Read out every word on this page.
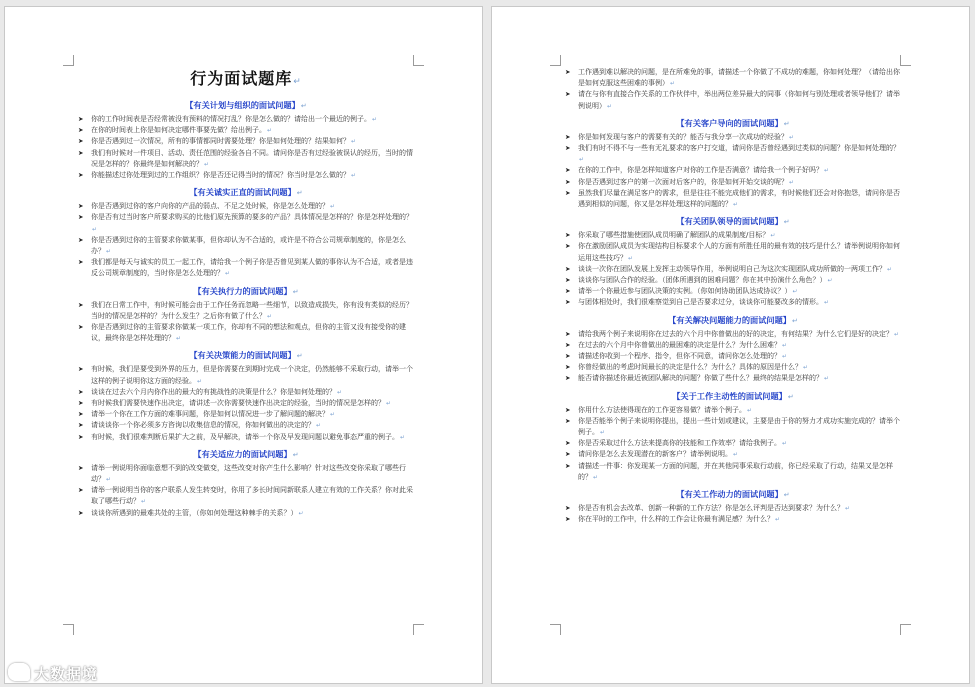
行为面试题库↵
【有关计划与组织的面试问题】↵
➤ 你的工作时间表是否经常被没有预料的情况打乱？你是怎么做的？请给出一个最近的例子。↵
➤ 在你的时间表上你是如何决定哪件事要先做？给出例子。↵
➤ 你是否遇到过一次情况，所有的事情都同时需要处理？你是如何处理的？结果如何？↵
➤ 我们有时候对一件项目、活动、责任范围的经验各自不同。请问你是否有过经验被误认的经历，当时的情况是怎样的？你最终是如何解决的？↵
➤ 你能描述过你处理到过的工作组织？你是否还记得当时的情况？你当时是怎么做的？↵
【有关诚实正直的面试问题】↵
➤ 你是否遇到过你的客户向你的产品的弱点、不足之处时候，你是怎么处理的？↵
➤ 你是否有过当时客户所要求购买的比他们原先预算的要多的产品？具体情况是怎样的？你是怎样处理的？↵
➤ 你是否遇到过你的主管要求你做某事，但你却认为不合适的，或许是不符合公司规章制度的，你是怎么办？↵
➤ 我们都是每天与诚实的员工一起工作，请给我一个例子你是否曾见到某人做的事你认为不合适，或者是违反公司规章制度的，当时你是怎么处理的？↵
【有关执行力的面试问题】↵
➤ 我们在日常工作中，有时候可能会由于工作任务而忽略一些细节，以致造成损失，你有没有类似的经历？当时的情况是怎样的？为什么发生？之后你有做了什么？↵
➤ 你是否遇到过你的主管要求你做某一项工作，你却有不同的想法和观点，但你的主管又没有接受你的建议，最终你是怎样处理的？↵
【有关决策能力的面试问题】↵
➤ 有时候，我们是要受到外界的压力，但是你需要在到期时完成一个决定，仍然能够不采取行动，请举一个这样的例子说明你这方面的经验。↵
➤ 谈谈在过去六个月内你作出的最大的有挑战性的决策是什么？你是如何处理的？↵
➤ 有时候我们需要快速作出决定，请讲述一次你需要快速作出决定的经验，当时的情况是怎样的？↵
➤ 请举一个你在工作方面的难事问题，你是如何以情况进一步了解问题的解决？↵
➤ 请谈谈你一个你必须多方咨询以收集信息的情况，你如何做出的决定的？↵
➤ 有时候，我们很难判断后果扩大之前，及早解决，请举一个你及早发现问题以避免事态严重的例子。↵
【有关适应力的面试问题】↵
➤ 请举一例说明你面临意想不到的改变做变，这些改变对你产生什么影响？针对这些改变你采取了哪些行动？↵
➤ 请举一例说明当你的客户联系人发生转变时，你用了多长时间同新联系人建立有效的工作关系？你对此采取了哪些行动？↵
➤ 谈谈你所遇到的最难共处的主管，（你如何处理这种棘手的关系？）↵
➤ 工作遇到难以解决的问题，是在所难免的事，请描述一个你做了不成功的难题，你如何处理？（请给出你是如何克服这些困难的事例）↵
➤ 请在与你有直接合作关系的工作伙伴中，举出两位差异最大的同事（你如何与别处理或者领导他们？请举例说明）↵
【有关客户导向的面试问题】↵
➤ 你是如何发现与客户的需要有关的？能否与我分享一次成功的经验？↵
➤ 我们有时不得不与一些有无礼要求的客户打交道，请问你是否曾经遇到过类似的问题？你是如何处理的？↵
➤ 在你的工作中，你是怎样知道客户对你的工作是否满意？请给我一个例子好吗？↵
➤ 你是否遇到过客户的第一次面对后客户的，你是如何开始交谈的呢？↵
➤ 虽然我们尽量在满足客户的需求，但是往往不能完成他们的需求，有时候他们还会对你抱怨，请问你是否遇到相似的问题，你又是怎样处理这样的问题的？↵
【有关团队领导的面试问题】↵
➤ 你采取了哪些措施使团队成员明确了解团队的成果制度/目标？↵
➤ 你在激励团队成员为实现结构目标要求个人的方面有所胜任用的最有效的技巧是什么？请举例说明你如何运用这些技巧？↵
➤ 谈谈一次你在团队发展上发挥主动领导作用，举例说明自己为这次实现团队成功所做的一两项工作？↵
➤ 谈谈你与团队合作的经验。（团体所遇到的困难问题？你在其中扮演什么角色？）↵
➤ 请举一个你最近参与团队决策的实例。（你如何协助团队达成协议？）↵
➤ 与团体相处时，我们很难察觉到自己是否要求过分，谈谈你可能要改多的情形。↵
【有关解决问题能力的面试问题】↵
➤ 请给我两个例子来说明你在过去的六个月中你曾做出的好的决定，有何结果？为什么它们是好的决定？↵
➤ 在过去的六个月中你曾做出的最困难的决定是什么？为什么困难？↵
➤ 请描述你收到一个程序、指令，但你不同意，请问你怎么处理的？↵
➤ 你曾经做出的考虑时间最长的决定是什么？为什么？具体的原因是什么？↵
➤ 能否请你描述你最近被团队解决的问题？你做了些什么？最终的结果是怎样的？↵
【关于工作主动性的面试问题】↵
➤ 你用什么方法使得现在的工作更容易做？请举个例子。↵
➤ 你是否能举个例子来说明你提出，提出一些计划或建议，主要是由于你的努力才成功实施完成的？请举个例子。↵
➤ 你是否采取过什么方法来提高你的技能和工作效率？请给我例子。↵
➤ 请问你是怎么去发现潜在的新客户？请举例说明。↵
➤ 请描述一件事：你发现某一方面的问题，并在其他同事采取行动前，你已经采取了行动，结果又是怎样的？↵
【有关工作动力的面试问题】↵
➤ 你是否有机会去改革、创新一种新的工作方法？你是怎么评判是否达到要求？为什么？↵
➤ 你在平时的工作中，什么样的工作会让你最有满足感？为什么？↵
大数据境
